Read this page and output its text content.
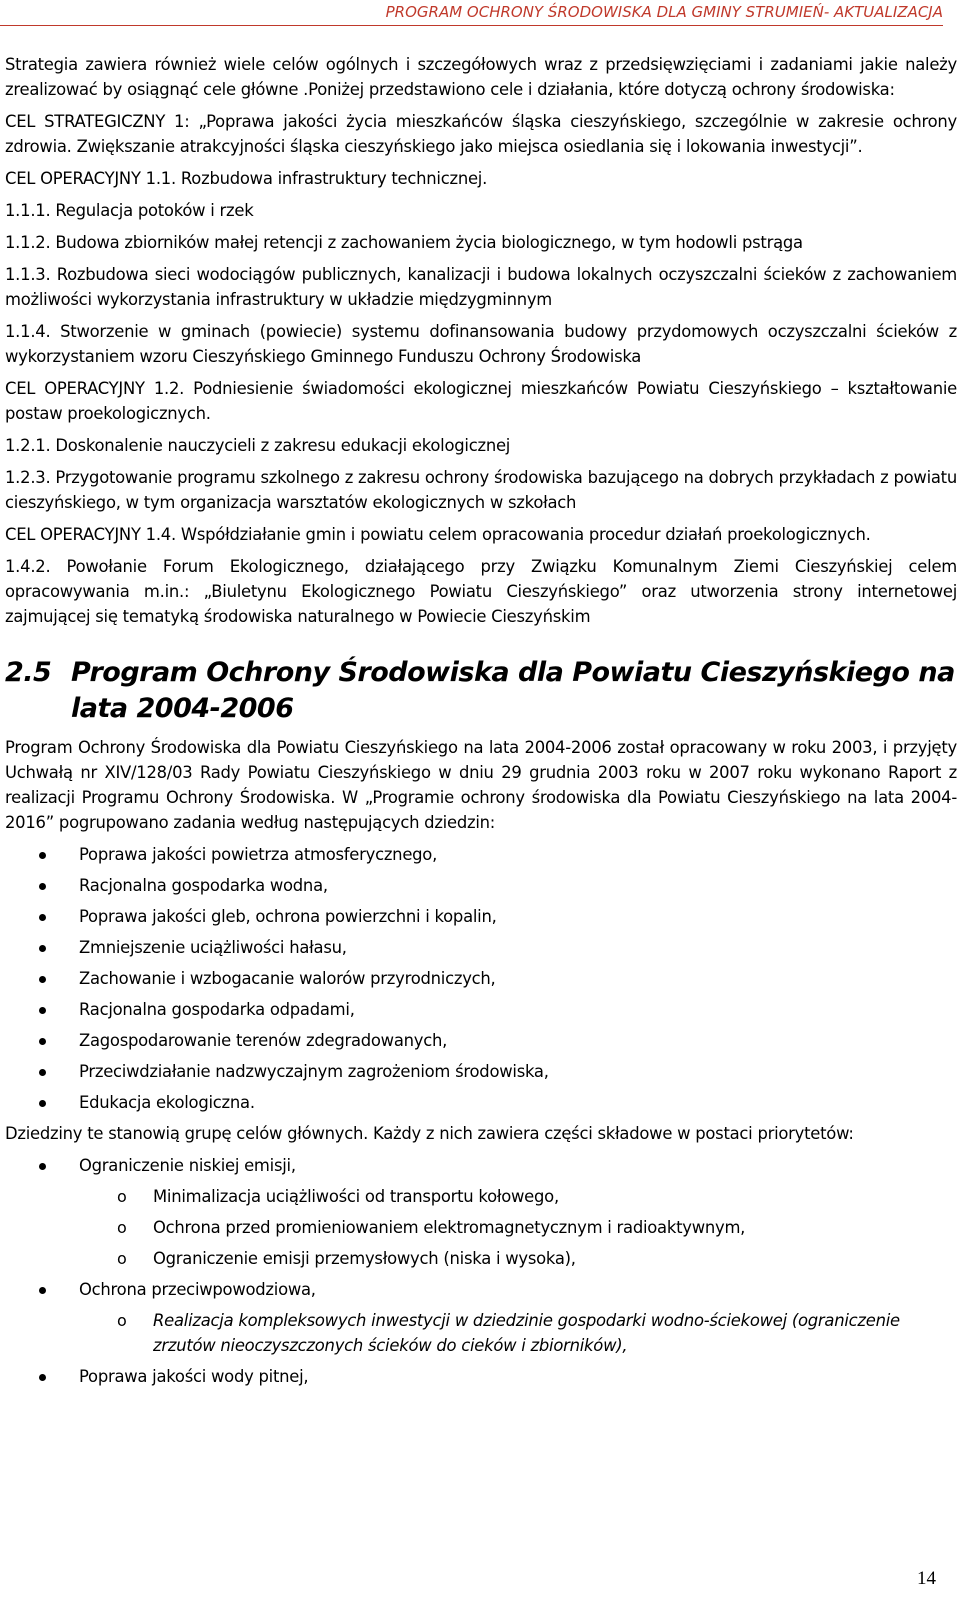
PROGRAM OCHRONY ŚRODOWISKA DLA GMINY STRUMIEŃ- AKTUALIZACJA

Strategia zawiera również wiele celów ogólnych i szczegółowych wraz z przedsięwzięciami i zadaniami jakie należy zrealizować by osiągnąć cele główne .Poniżej przedstawiono cele i działania, które dotyczą ochrony środowiska:

CEL STRATEGICZNY 1: „Poprawa jakości życia mieszkańców śląska cieszyńskiego, szczególnie w zakresie ochrony zdrowia. Zwiększanie atrakcyjności śląska cieszyńskiego jako miejsca osiedlania się i lokowania inwestycji”.

CEL OPERACYJNY 1.1. Rozbudowa infrastruktury technicznej.

1.1.1. Regulacja potoków i rzek

1.1.2. Budowa zbiorników małej retencji z zachowaniem życia biologicznego, w tym hodowli pstrąga

1.1.3. Rozbudowa sieci wodociągów publicznych, kanalizacji i budowa lokalnych oczyszczalni ścieków z zachowaniem możliwości wykorzystania infrastruktury w układzie międzygminnym

1.1.4. Stworzenie w gminach (powiecie) systemu dofinansowania budowy przydomowych oczyszczalni ścieków z wykorzystaniem wzoru Cieszyńskiego Gminnego Funduszu Ochrony Środowiska

CEL OPERACYJNY 1.2. Podniesienie świadomości ekologicznej mieszkańców Powiatu Cieszyńskiego – kształtowanie postaw proekologicznych.

1.2.1. Doskonalenie nauczycieli z zakresu edukacji ekologicznej

1.2.3. Przygotowanie programu szkolnego z zakresu ochrony środowiska bazującego na dobrych przykładach z powiatu cieszyńskiego, w tym organizacja warsztatów ekologicznych w szkołach

CEL OPERACYJNY 1.4. Współdziałanie gmin i powiatu celem opracowania procedur działań proekologicznych.

1.4.2. Powołanie Forum Ekologicznego, działającego przy Związku Komunalnym Ziemi Cieszyńskiej celem opracowywania m.in.: „Biuletynu Ekologicznego Powiatu Cieszyńskiego” oraz utworzenia strony internetowej zajmującej się tematyką środowiska naturalnego w Powiecie Cieszyńskim

2.5 Program Ochrony Środowiska dla Powiatu Cieszyńskiego na lata 2004-2006

Program Ochrony Środowiska dla Powiatu Cieszyńskiego na lata 2004-2006 został opracowany w roku 2003, i przyjęty Uchwałą nr XIV/128/03 Rady Powiatu Cieszyńskiego w dniu 29 grudnia 2003 roku w 2007 roku wykonano Raport z realizacji Programu Ochrony Środowiska. W „Programie ochrony środowiska dla Powiatu Cieszyńskiego na lata 2004-2016” pogrupowano zadania według następujących dziedzin:

Poprawa jakości powietrza atmosferycznego,
Racjonalna gospodarka wodna,
Poprawa jakości gleb, ochrona powierzchni i kopalin,
Zmniejszenie uciążliwości hałasu,
Zachowanie i wzbogacanie walorów przyrodniczych,
Racjonalna gospodarka odpadami,
Zagospodarowanie terenów zdegradowanych,
Przeciwdziałanie nadzwyczajnym zagrożeniom środowiska,
Edukacja ekologiczna.

Dziedziny te stanowią grupę celów głównych. Każdy z nich zawiera części składowe w postaci priorytetów:

Ograniczenie niskiej emisji,
o Minimalizacja uciążliwości od transportu kołowego,
o Ochrona przed promieniowaniem elektromagnetycznym i radioaktywnym,
o Ograniczenie emisji przemysłowych (niska i wysoka),
Ochrona przeciwpowodziowa,
o Realizacja kompleksowych inwestycji w dziedzinie gospodarki wodno-ściekowej (ograniczenie zrzutów nieoczyszczonych ścieków do cieków i zbiorników),
Poprawa jakości wody pitnej,
14
